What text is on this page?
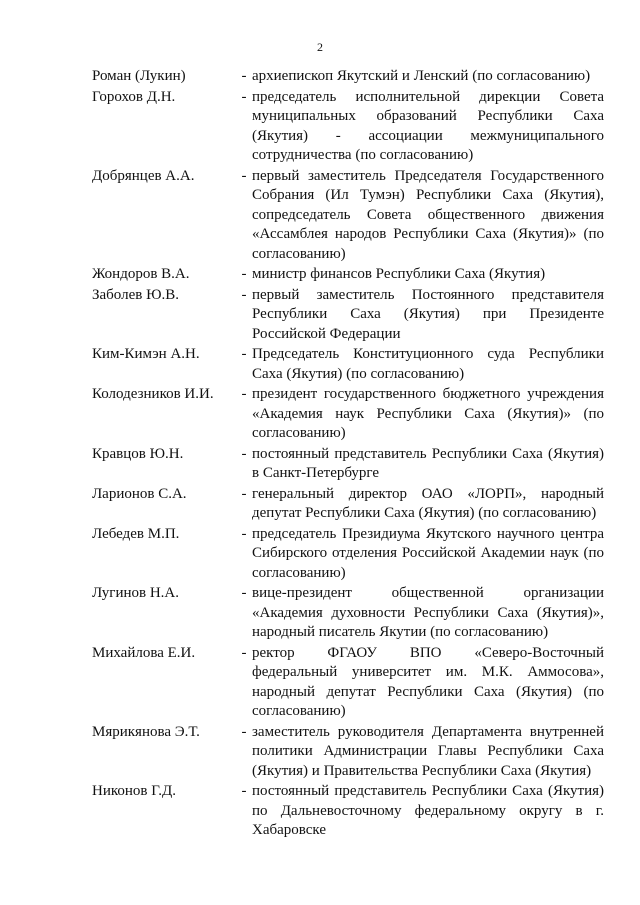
2
Роман (Лукин)	- архиепископ Якутский и Ленский (по согласованию)
Горохов Д.Н.	- председатель исполнительной дирекции Совета муниципальных образований Республики Саха (Якутия) - ассоциации межмуниципального сотрудничества (по согласованию)
Добрянцев А.А.	- первый заместитель Председателя Государственного Собрания (Ил Тумэн) Республики Саха (Якутия), сопредседатель Совета общественного движения «Ассамблея народов Республики Саха (Якутия)» (по согласованию)
Жондоров В.А.	- министр финансов Республики Саха (Якутия)
Заболев Ю.В.	- первый заместитель Постоянного представителя Республики Саха (Якутия) при Президенте Российской Федерации
Ким-Кимэн А.Н.	- Председатель Конституционного суда Республики Саха (Якутия) (по согласованию)
Колодезников И.И.	- президент государственного бюджетного учреждения «Академия наук Республики Саха (Якутия)» (по согласованию)
Кравцов Ю.Н.	- постоянный представитель Республики Саха (Якутия) в Санкт-Петербурге
Ларионов С.А.	- генеральный директор ОАО «ЛОРП», народный депутат Республики Саха (Якутия) (по согласованию)
Лебедев М.П.	- председатель Президиума Якутского научного центра Сибирского отделения Российской Академии наук (по согласованию)
Лугинов Н.А.	- вице-президент общественной организации «Академия духовности Республики Саха (Якутия)», народный писатель Якутии (по согласованию)
Михайлова Е.И.	- ректор ФГАОУ ВПО «Северо-Восточный федеральный университет им. М.К. Аммосова», народный депутат Республики Саха (Якутия) (по согласованию)
Мярикянова Э.Т.	- заместитель руководителя Департамента внутренней политики Администрации Главы Республики Саха (Якутия) и Правительства Республики Саха (Якутия)
Никонов Г.Д.	- постоянный представитель Республики Саха (Якутия) по Дальневосточному федеральному округу в г. Хабаровске
